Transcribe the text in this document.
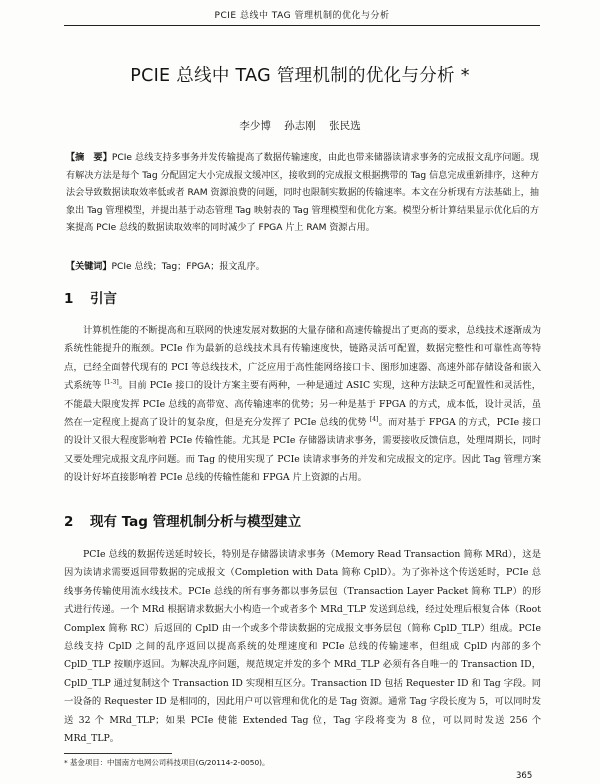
PCIE 总线中 TAG 管理机制的优化与分析
PCIE 总线中 TAG 管理机制的优化与分析 *
李少博 孙志刚 张民选

【摘　要】PCIe 总线支持多事务并发传输提高了数据传输速度，由此也带来储器读请求事务的完成报文乱序问题。现有解决方法是每个 Tag 分配固定大小完成报文缓冲区，接收到的完成报文根据携带的 Tag 信息完成重新排序，这种方法会导致数据读取效率低或者 RAM 资源浪费的问题，同时也限制实数据的传输速率。本文在分析现有方法基础上，抽象出 Tag 管理模型，并提出基于动态管理 Tag 映射表的 Tag 管理模型和优化方案。模型分析计算结果显示优化后的方案提高 PCIe 总线的数据读取效率的同时减少了 FPGA 片上 RAM 资源占用。

【关键词】PCIe 总线；Tag；FPGA；报文乱序。

1 引言

计算机性能的不断提高和互联网的快速发展对数据的大量存储和高速传输提出了更高的要求，总线技术逐渐成为系统性能提升的瓶颈。PCIe 作为最新的总线技术具有传输速度快，链路灵活可配置，数据完整性和可靠性高等特点，已经全面替代现有的 PCI 等总线技术，广泛应用于高性能网络接口卡、图形加速器、高速外部存储设备和嵌入式系统等 [1-3]。目前 PCIe 接口的设计方案主要有两种，一种是通过 ASIC 实现，这种方法缺乏可配置性和灵活性，不能最大限度发挥 PCIe 总线的高带宽、高传输速率的优势；另一种是基于 FPGA 的方式，成本低，设计灵活，虽然在一定程度上提高了设计的复杂度，但是充分发挥了 PCIe 总线的优势 [4]。而对基于 FPGA 的方式，PCIe 接口的设计又很大程度影响着 PCIe 传输性能。尤其是 PCIe 存储器读请求事务，需要接收反馈信息，处理周期长，同时又要处理完成报文乱序问题。而 Tag 的使用实现了 PCIe 读请求事务的并发和完成报文的定序。因此 Tag 管理方案的设计好坏直接影响着 PCIe 总线的传输性能和 FPGA 片上资源的占用。

2 现有 Tag 管理机制分析与模型建立

PCIe 总线的数据传送延时较长，特别是存储器读请求事务（Memory Read Transaction 简称 MRd），这是因为读请求需要返回带数据的完成报文（Completion with Data 简称 CplD）。为了弥补这个传送延时，PCIe 总线事务传输使用流水线技术。PCIe 总线的所有事务都以事务层包（Transaction Layer Packet 简称 TLP）的形式进行传递。一个 MRd 根据请求数据大小构造一个或者多个 MRd_TLP 发送到总线，经过处理后根复合体（Root Complex 简称 RC）后返回的 CplD 由一个或多个带读数据的完成报文事务层包（简称 CplD_TLP）组成。PCIe 总线支持 CplD 之间的乱序返回以提高系统的处理速度和 PCIe 总线的传输速率，但组成 CplD 内部的多个 CplD_TLP 按顺序返回。为解决乱序问题，规范规定并发的多个 MRd_TLP 必须有各自唯一的 Transaction ID，CplD_TLP 通过复制这个 Transaction ID 实现相互区分。Transaction ID 包括 Requester ID 和 Tag 字段。同一设备的 Requester ID 是相同的，因此用户可以管理和优化的是 Tag 资源。通常 Tag 字段长度为 5，可以同时发送 32 个 MRd_TLP；如果 PCIe 使能 Extended Tag 位，Tag 字段将变为 8 位，可以同时发送 256 个 MRd_TLP。

* 基金项目：中国南方电网公司科技项目(G/20114-2-0050)。
365
